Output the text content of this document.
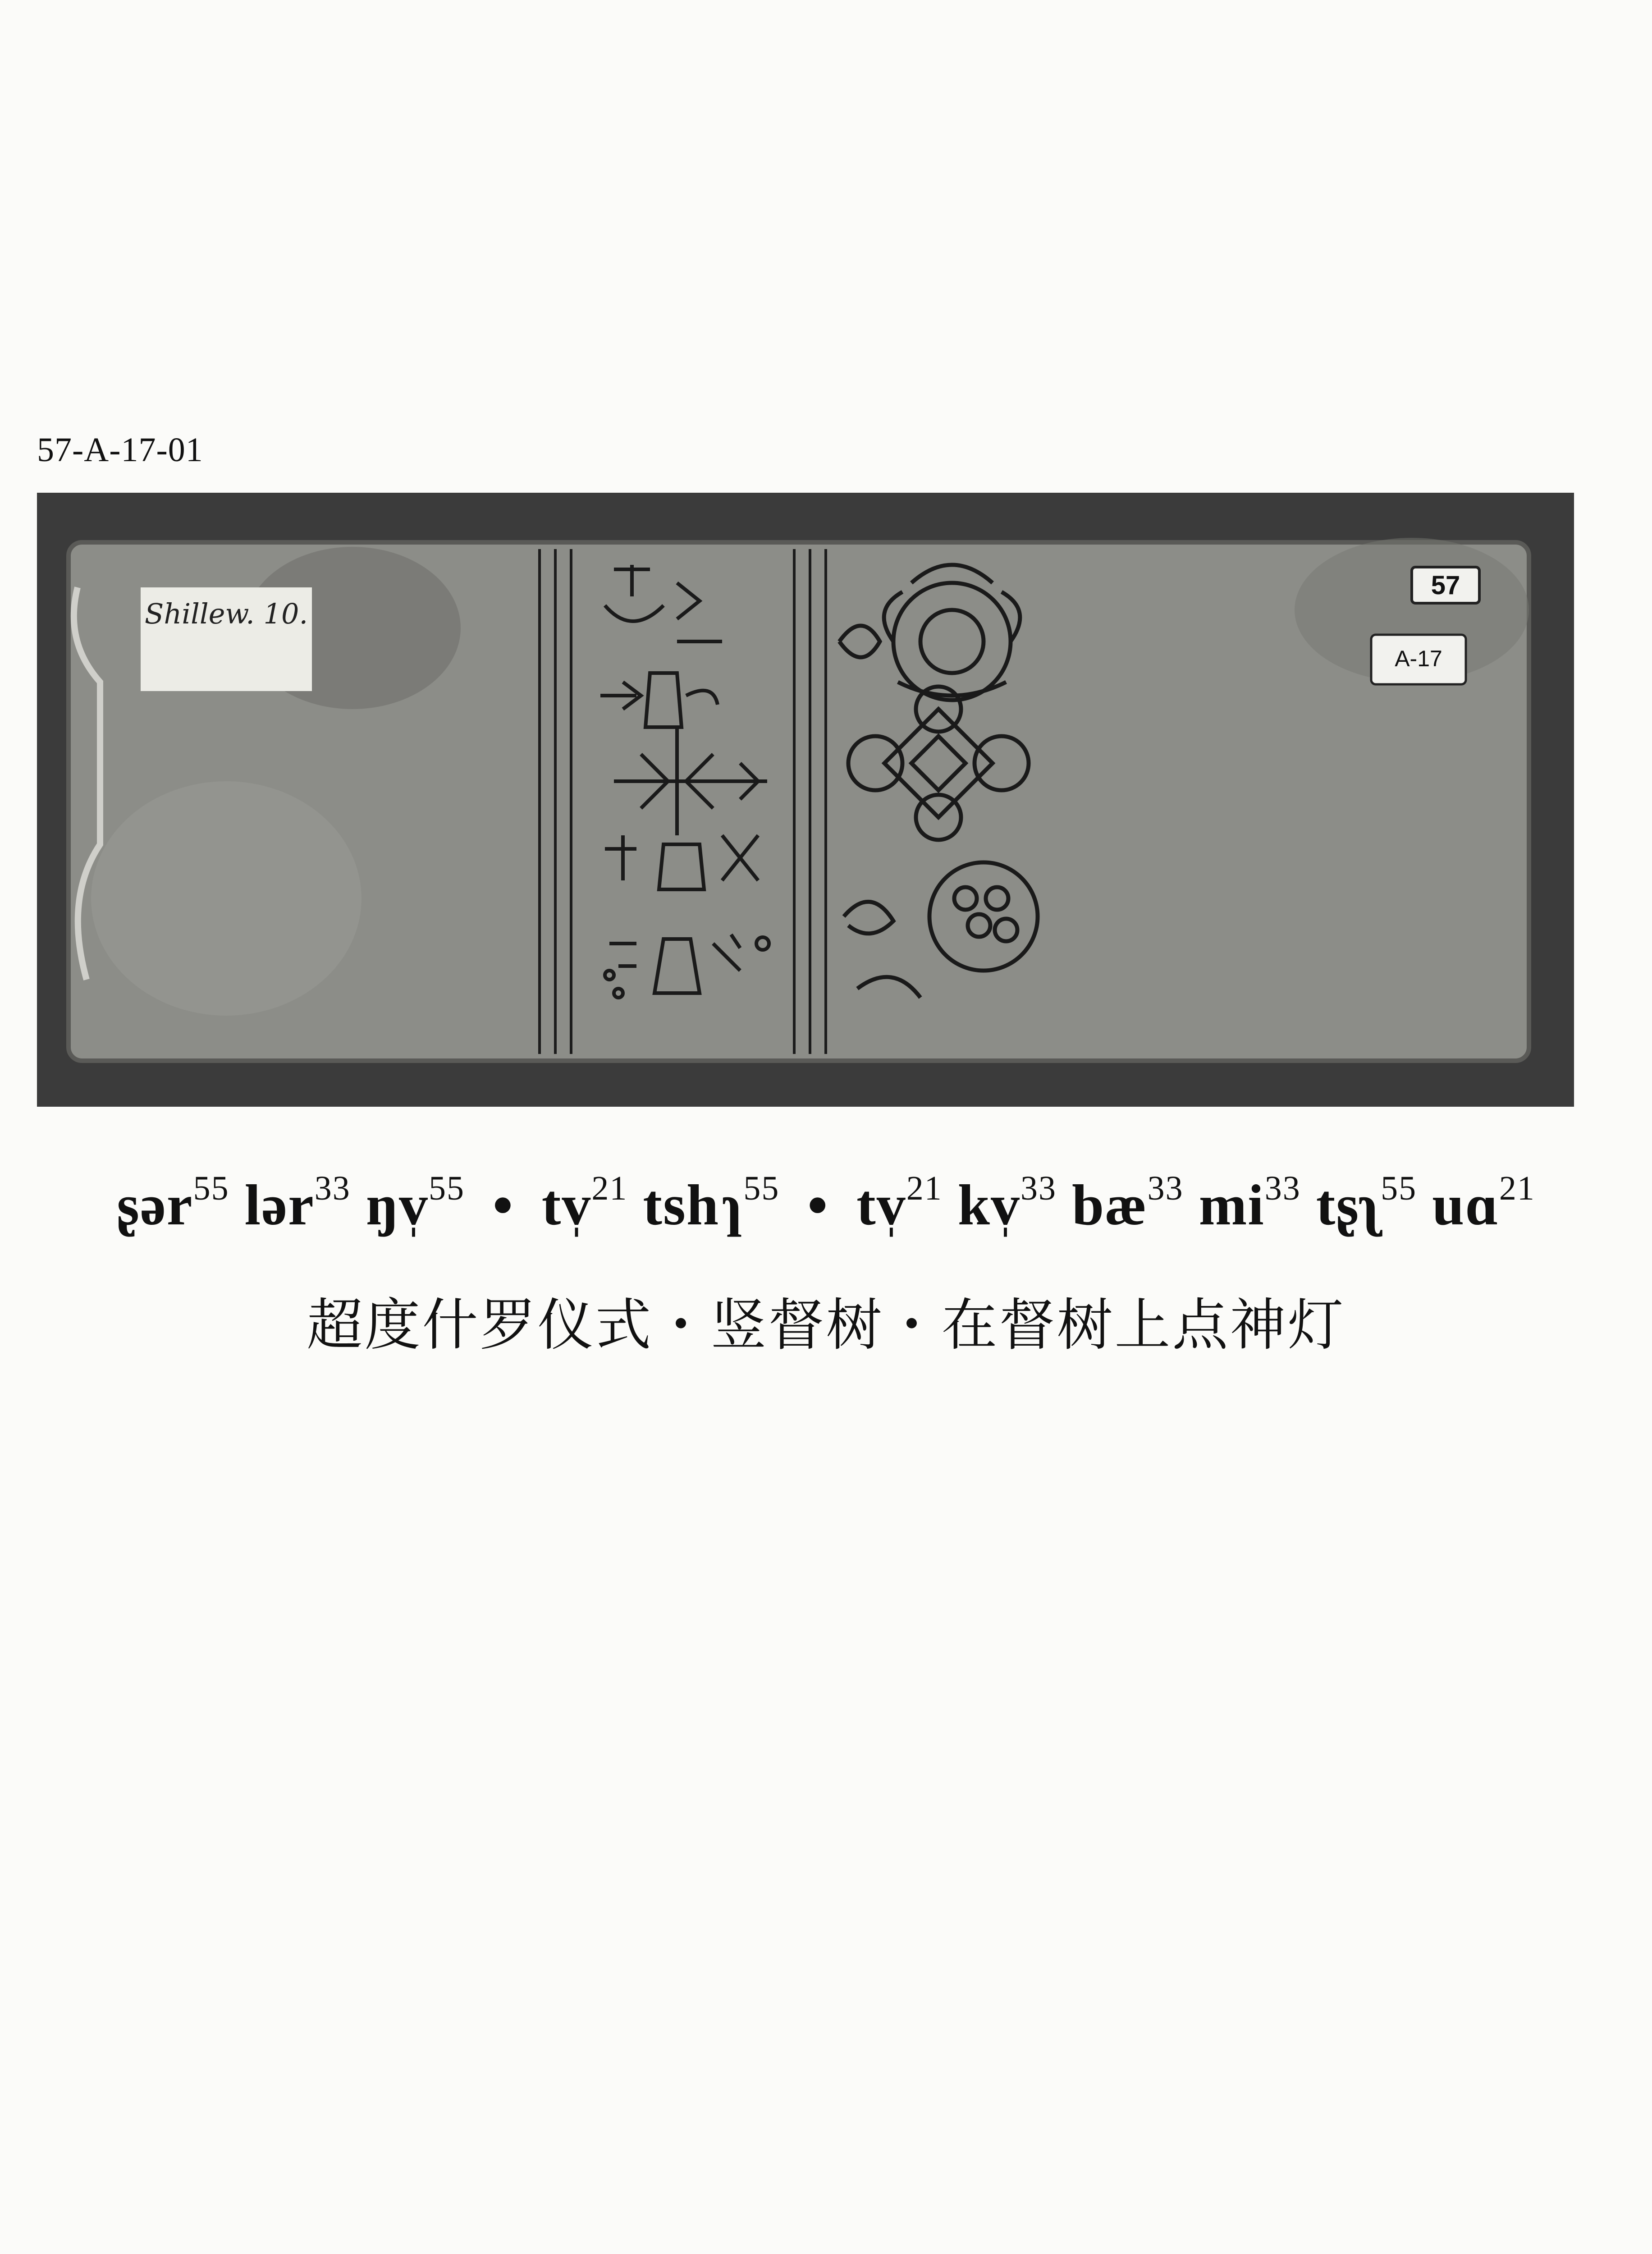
57-A-17-01
Shillew. 10.
57
A-17
ʂər$^{55}$ lər$^{33}$ ŋv̩$^{55}$ • tv̩$^{21}$ tshɿ$^{55}$ • tv̩$^{21}$ kv̩$^{33}$ $bæ^{33}$ $mi^{33}$ tʂʅ$^{55}$ uɑ$^{21}$
超度什罗仪式・竖督树・在督树上点神灯
